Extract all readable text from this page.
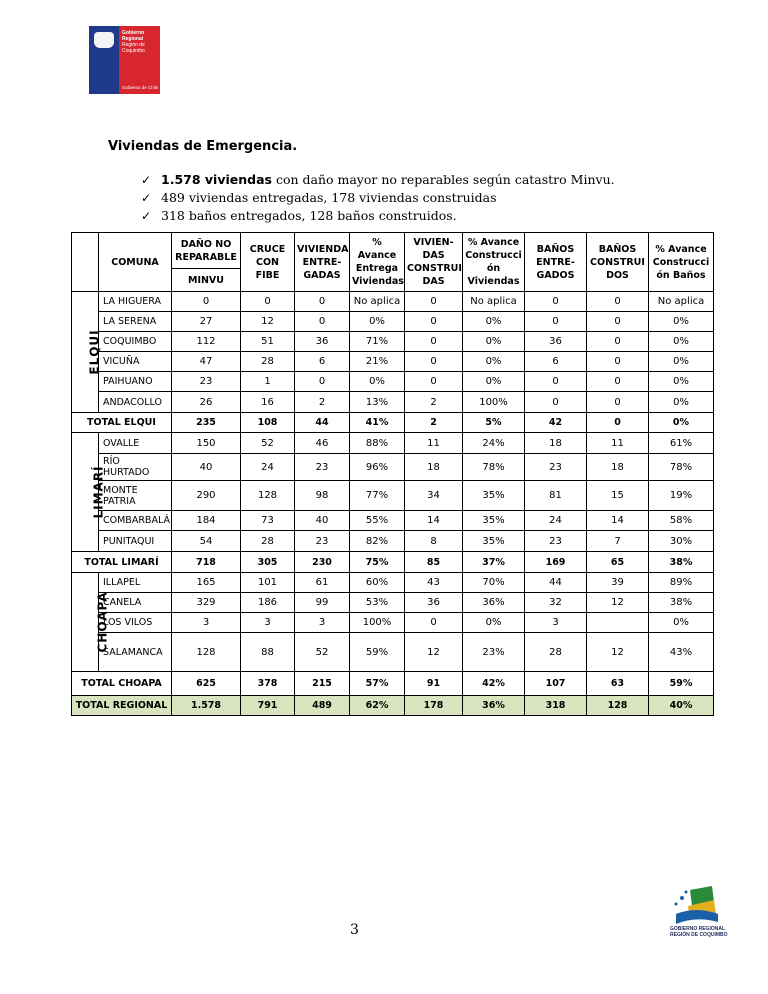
Gobierno
Regional
Región de Coquimbo
Gobierno de Chile
Viviendas de Emergencia.
✓ 1.578 viviendas con daño mayor no reparables según catastro Minvu.
✓ 489 viviendas entregadas, 178 viviendas construidas
✓ 318 baños entregados, 128 baños construidos.
	COMUNA	DAÑO NO REPARABLE	CRUCE CON FIBE	VIVIENDA ENTRE-GADAS	% Avance Entrega Viviendas	VIVIEN-DAS CONSTRUI DAS	% Avance Construcci ón Viviendas	BAÑOS ENTRE-GADOS	BAÑOS CONSTRUI DOS	% Avance Construcci ón Baños
		MINVU								
ELQUI	LA HIGUERA	0	0	0	No aplica	0	No aplica	0	0	No aplica
	LA SERENA	27	12	0	0%	0	0%	0	0	0%
	COQUIMBO	112	51	36	71%	0	0%	36	0	0%
	VICUÑA	47	28	6	21%	0	0%	6	0	0%
	PAIHUANO	23	1	0	0%	0	0%	0	0	0%
	ANDACOLLO	26	16	2	13%	2	100%	0	0	0%
TOTAL ELQUI		235	108	44	41%	2	5%	42	0	0%
LIMARÍ	OVALLE	150	52	46	88%	11	24%	18	11	61%
	RÍO HURTADO	40	24	23	96%	18	78%	23	18	78%
	MONTE PATRIA	290	128	98	77%	34	35%	81	15	19%
	COMBARBALÁ	184	73	40	55%	14	35%	24	14	58%
	PUNITAQUI	54	28	23	82%	8	35%	23	7	30%
TOTAL LIMARÍ		718	305	230	75%	85	37%	169	65	38%
CHOAPA	ILLAPEL	165	101	61	60%	43	70%	44	39	89%
	CANELA	329	186	99	53%	36	36%	32	12	38%
	LOS VILOS	3	3	3	100%	0	0%	3		0%
	SALAMANCA	128	88	52	59%	12	23%	28	12	43%
TOTAL CHOAPA		625	378	215	57%	91	42%	107	63	59%
TOTAL REGIONAL		1.578	791	489	62%	178	36%	318	128	40%
3	GOBIERNO REGIONAL
REGIÓN DE COQUIMBO
